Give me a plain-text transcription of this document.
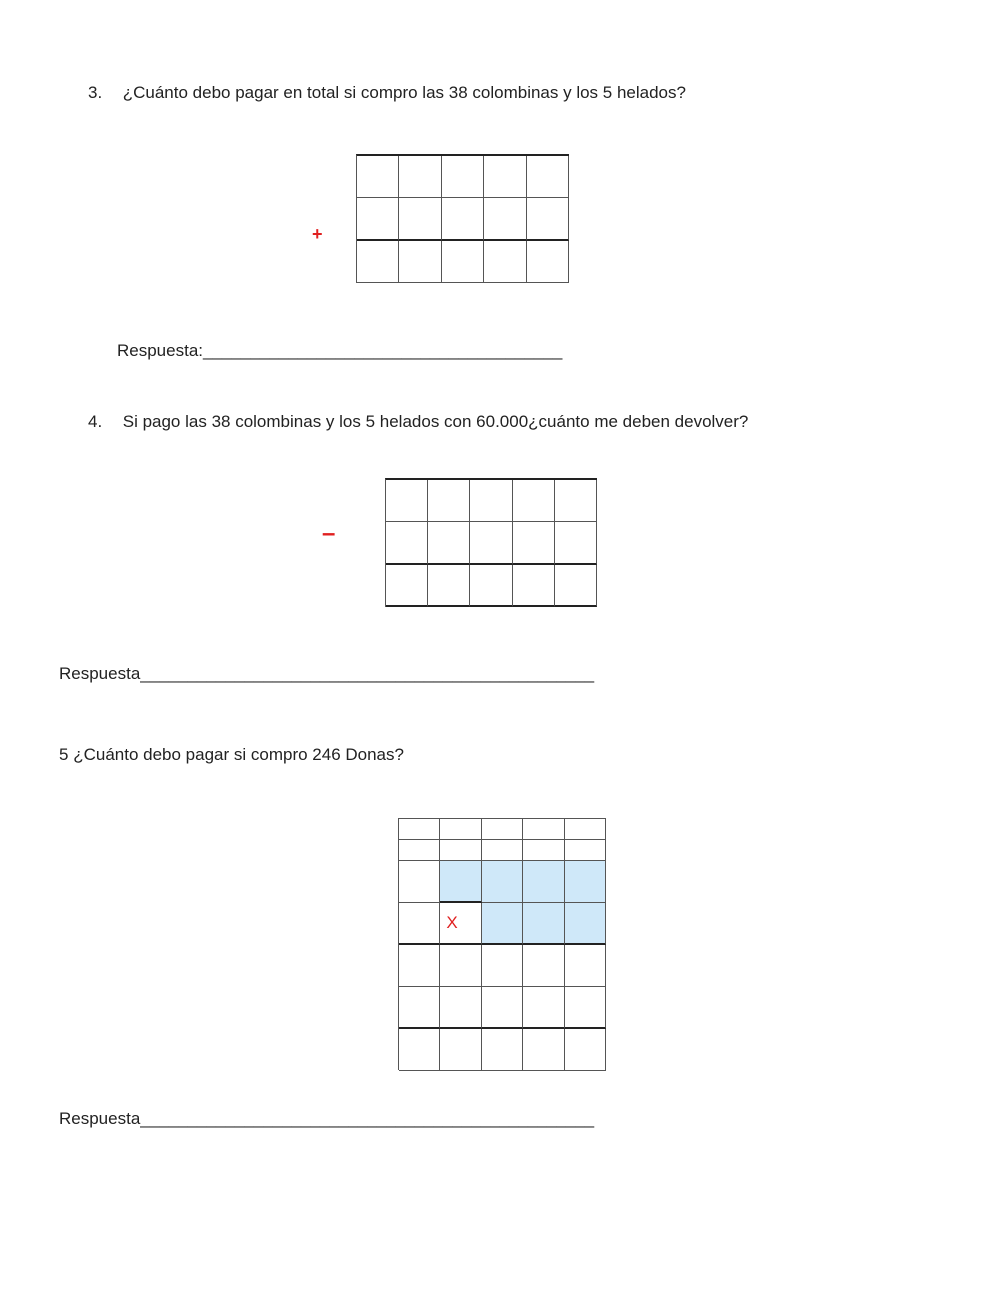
3. ¿Cuánto debo pagar en total si compro las 38 colombinas y los 5 helados?
+
Respuesta:______________________________________
4. Si pago las 38 colombinas y los 5 helados con 60.000¿cuánto me deben devolver?
–
Respuesta________________________________________________
5 ¿Cuánto debo pagar si compro 246 Donas?
X
Respuesta________________________________________________
